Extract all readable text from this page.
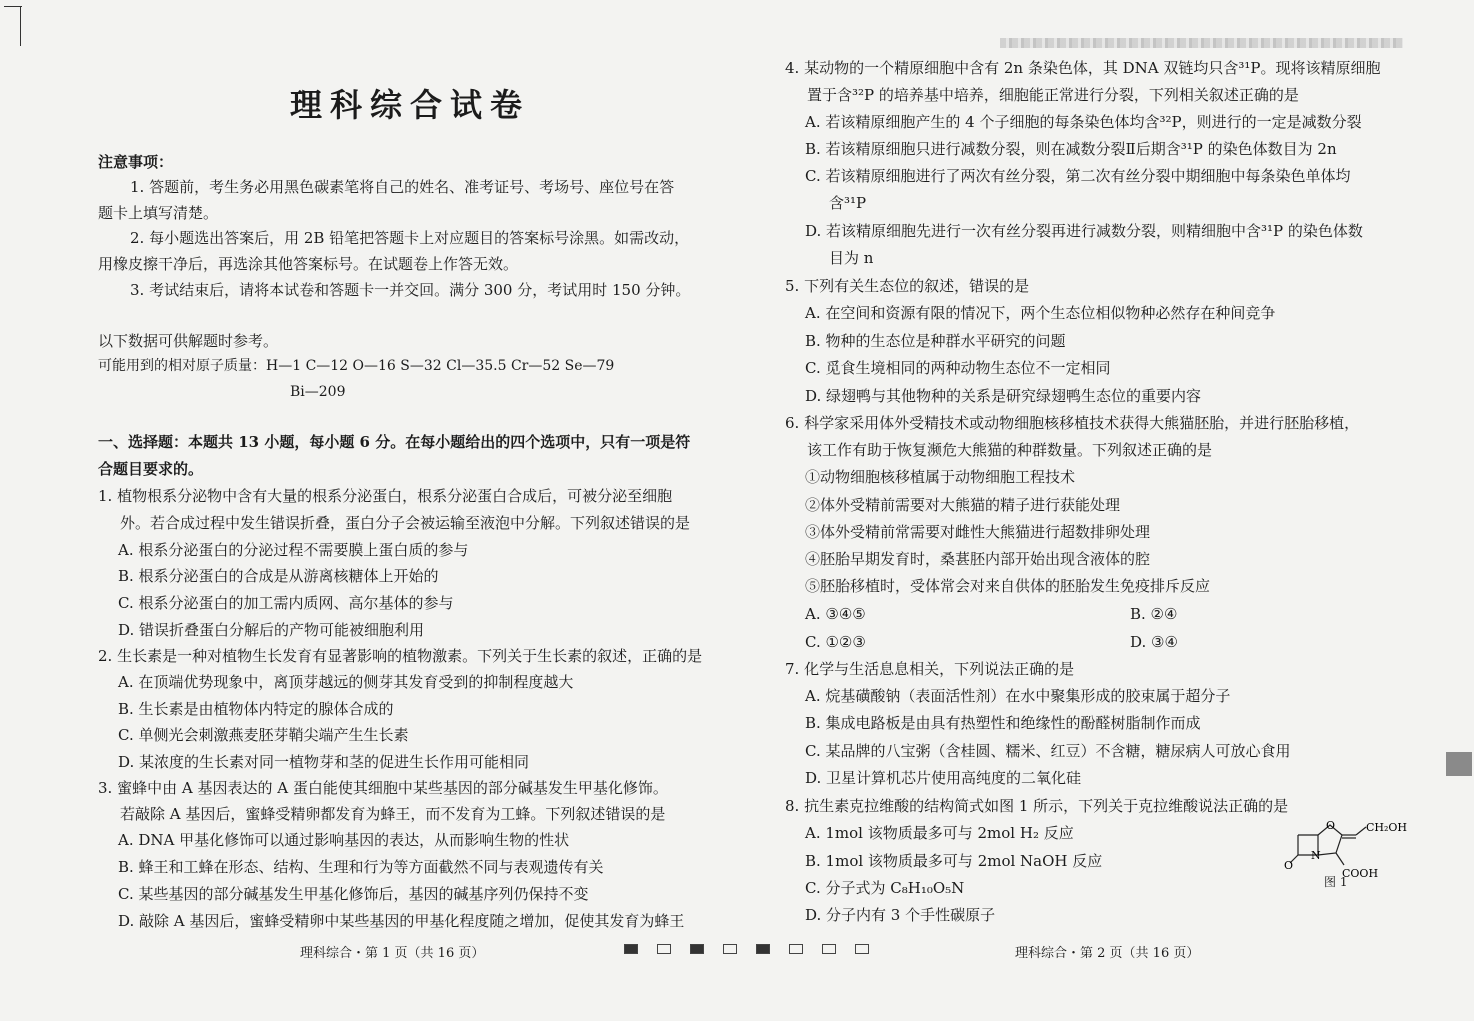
理科综合试卷
注意事项：
1. 答题前，考生务必用黑色碳素笔将自己的姓名、准考证号、考场号、座位号在答
题卡上填写清楚。
2. 每小题选出答案后，用 2B 铅笔把答题卡上对应题目的答案标号涂黑。如需改动，
用橡皮擦干净后，再选涂其他答案标号。在试题卷上作答无效。
3. 考试结束后，请将本试卷和答题卡一并交回。满分 300 分，考试用时 150 分钟。
以下数据可供解题时参考。
可能用到的相对原子质量：H—1 C—12 O—16 S—32 Cl—35.5 Cr—52 Se—79
Bi—209
一、选择题：本题共 13 小题，每小题 6 分。在每小题给出的四个选项中，只有一项是符
合题目要求的。
1. 植物根系分泌物中含有大量的根系分泌蛋白，根系分泌蛋白合成后，可被分泌至细胞
外。若合成过程中发生错误折叠，蛋白分子会被运输至液泡中分解。下列叙述错误的是
A. 根系分泌蛋白的分泌过程不需要膜上蛋白质的参与
B. 根系分泌蛋白的合成是从游离核糖体上开始的
C. 根系分泌蛋白的加工需内质网、高尔基体的参与
D. 错误折叠蛋白分解后的产物可能被细胞利用
2. 生长素是一种对植物生长发育有显著影响的植物激素。下列关于生长素的叙述，正确的是
A. 在顶端优势现象中，离顶芽越远的侧芽其发育受到的抑制程度越大
B. 生长素是由植物体内特定的腺体合成的
C. 单侧光会刺激燕麦胚芽鞘尖端产生生长素
D. 某浓度的生长素对同一植物芽和茎的促进生长作用可能相同
3. 蜜蜂中由 A 基因表达的 A 蛋白能使其细胞中某些基因的部分碱基发生甲基化修饰。
若敲除 A 基因后，蜜蜂受精卵都发育为蜂王，而不发育为工蜂。下列叙述错误的是
A. DNA 甲基化修饰可以通过影响基因的表达，从而影响生物的性状
B. 蜂王和工蜂在形态、结构、生理和行为等方面截然不同与表观遗传有关
C. 某些基因的部分碱基发生甲基化修饰后，基因的碱基序列仍保持不变
D. 敲除 A 基因后，蜜蜂受精卵中某些基因的甲基化程度随之增加，促使其发育为蜂王
理科综合・第 1 页（共 16 页）
4. 某动物的一个精原细胞中含有 2n 条染色体，其 DNA 双链均只含³¹P。现将该精原细胞
置于含³²P 的培养基中培养，细胞能正常进行分裂，下列相关叙述正确的是
A. 若该精原细胞产生的 4 个子细胞的每条染色体均含³²P，则进行的一定是减数分裂
B. 若该精原细胞只进行减数分裂，则在减数分裂Ⅱ后期含³¹P 的染色体数目为 2n
C. 若该精原细胞进行了两次有丝分裂，第二次有丝分裂中期细胞中每条染色单体均
含³¹P
D. 若该精原细胞先进行一次有丝分裂再进行减数分裂，则精细胞中含³¹P 的染色体数
目为 n
5. 下列有关生态位的叙述，错误的是
A. 在空间和资源有限的情况下，两个生态位相似物种必然存在种间竞争
B. 物种的生态位是种群水平研究的问题
C. 觅食生境相同的两种动物生态位不一定相同
D. 绿翅鸭与其他物种的关系是研究绿翅鸭生态位的重要内容
6. 科学家采用体外受精技术或动物细胞核移植技术获得大熊猫胚胎，并进行胚胎移植，
该工作有助于恢复濒危大熊猫的种群数量。下列叙述正确的是
①动物细胞核移植属于动物细胞工程技术
②体外受精前需要对大熊猫的精子进行获能处理
③体外受精前常需要对雌性大熊猫进行超数排卵处理
④胚胎早期发育时，桑葚胚内部开始出现含液体的腔
⑤胚胎移植时，受体常会对来自供体的胚胎发生免疫排斥反应
A. ③④⑤	B. ②④
C. ①②③	D. ③④
7. 化学与生活息息相关，下列说法正确的是
A. 烷基磺酸钠（表面活性剂）在水中聚集形成的胶束属于超分子
B. 集成电路板是由具有热塑性和绝缘性的酚醛树脂制作而成
C. 某品牌的八宝粥（含桂圆、糯米、红豆）不含糖，糖尿病人可放心食用
D. 卫星计算机芯片使用高纯度的二氧化硅
8. 抗生素克拉维酸的结构简式如图 1 所示，下列关于克拉维酸说法正确的是
A. 1mol 该物质最多可与 2mol H₂ 反应
B. 1mol 该物质最多可与 2mol NaOH 反应
C. 分子式为 C₈H₁₀O₅N
D. 分子内有 3 个手性碳原子
理科综合・第 2 页（共 16 页）
O
N
O
CH₂OH
COOH
图 1
